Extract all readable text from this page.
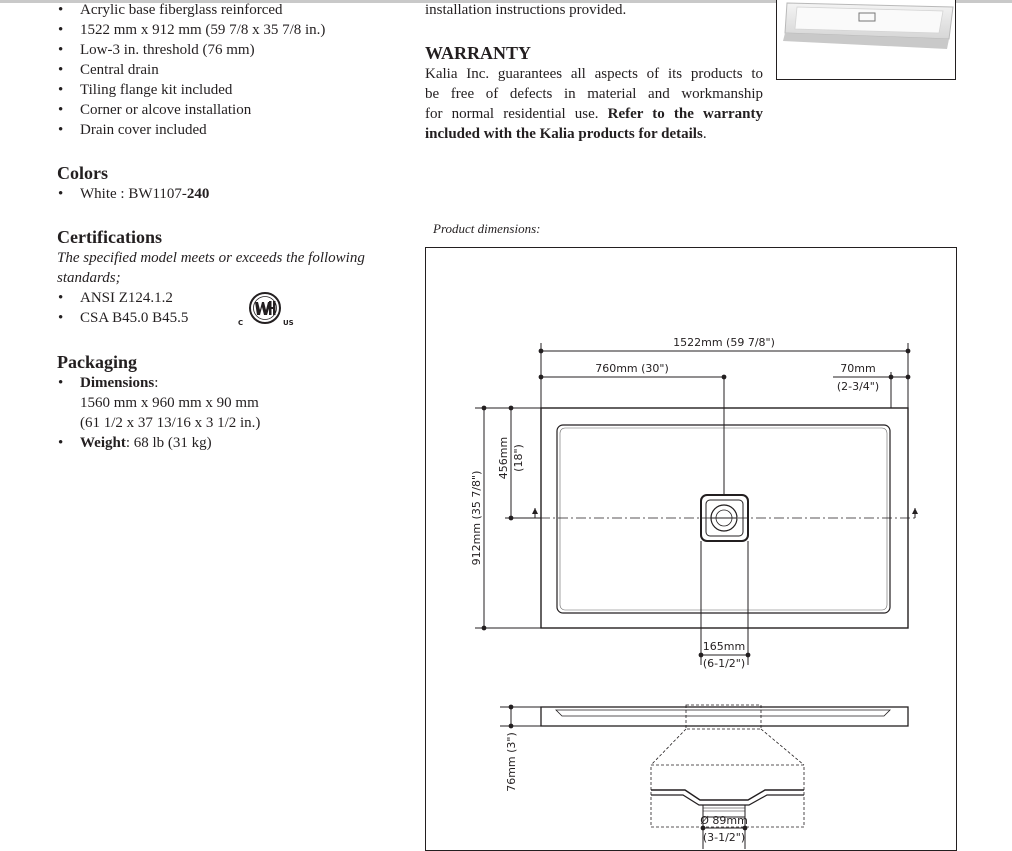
• Acrylic base fiberglass reinforced
• 1522 mm x 912 mm (59 7/8 x 35 7/8 in.)
• Low-3 in. threshold (76 mm)
• Central drain
• Tiling flange kit included
• Corner or alcove installation
• Drain cover included
Colors
• White : BW1107-240
Certifications
The specified model meets or exceeds the following
standards;
• ANSI Z124.1.2
• CSA B45.0 B45.5	C	US
Packaging
• Dimensions:
1560 mm x 960 mm x 90 mm
(61 1/2 x 37 13/16 x 3 1/2 in.)
• Weight: 68 lb (31 kg)
installation instructions provided.
WARRANTY
Kalia Inc. guarantees all aspects of its products to
be free of defects in material and workmanship
for normal residential use. Refer to the warranty
included with the Kalia products for details.
Product dimensions:
1522mm (59 7/8")
760mm (30")	70mm
(2-3/4")
912mm (35 7/8")
456mm (18")
165mm
(6-1/2")
76mm (3")
Ø 89mm
(3-1/2")
